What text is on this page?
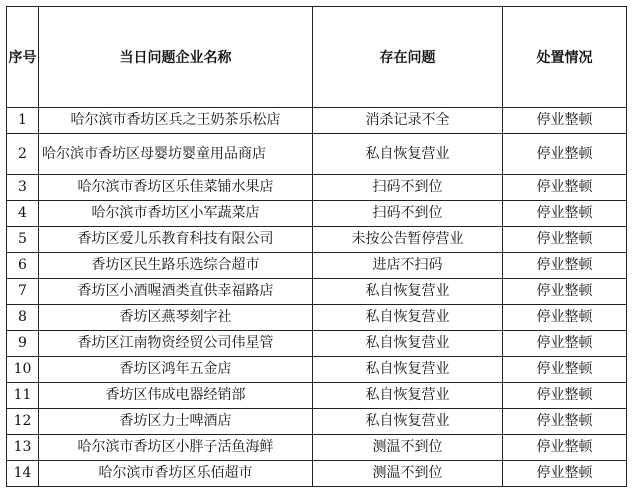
序号	当日问题企业名称	存在问题	处置情况
1	哈尔滨市香坊区兵之王奶茶乐松店	消杀记录不全	停业整顿
2	哈尔滨市香坊区母婴坊婴童用品商店	私自恢复营业	停业整顿
3	哈尔滨市香坊区乐佳菜铺水果店	扫码不到位	停业整顿
4	哈尔滨市香坊区小军蔬菜店	扫码不到位	停业整顿
5	香坊区爱儿乐教育科技有限公司	未按公告暂停营业	停业整顿
6	香坊区民生路乐选综合超市	进店不扫码	停业整顿
7	香坊区小酒喔酒类直供幸福路店	私自恢复营业	停业整顿
8	香坊区燕琴刻字社	私自恢复营业	停业整顿
9	香坊区江南物资经贸公司伟星管	私自恢复营业	停业整顿
10	香坊区鸿年五金店	私自恢复营业	停业整顿
11	香坊区伟成电器经销部	私自恢复营业	停业整顿
12	香坊区力士啤酒店	私自恢复营业	停业整顿
13	哈尔滨市香坊区小胖子活鱼海鲜	测温不到位	停业整顿
14	哈尔滨市香坊区乐佰超市	测温不到位	停业整顿
